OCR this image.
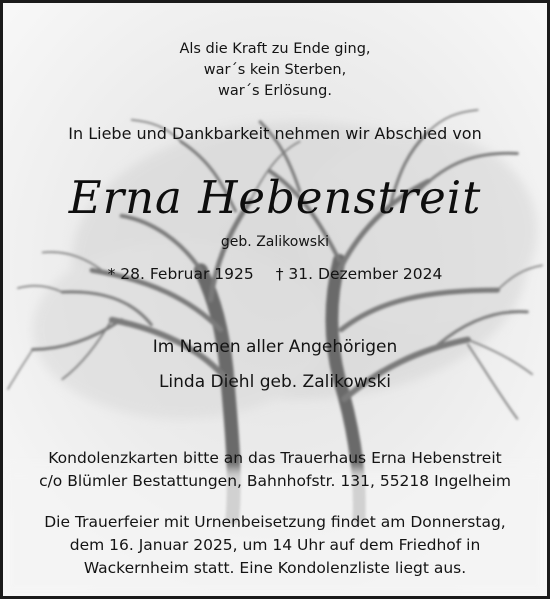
Als die Kraft zu Ende ging,
war´s kein Sterben,
war´s Erlösung.
In Liebe und Dankbarkeit nehmen wir Abschied von
Erna Hebenstreit
geb. Zalikowski
* 28. Februar 1925 † 31. Dezember 2024
Im Namen aller Angehörigen
Linda Diehl geb. Zalikowski
Kondolenzkarten bitte an das Trauerhaus Erna Hebenstreit
c/o Blümler Bestattungen, Bahnhofstr. 131, 55218 Ingelheim
Die Trauerfeier mit Urnenbeisetzung findet am Donnerstag,
dem 16. Januar 2025, um 14 Uhr auf dem Friedhof in
Wackernheim statt. Eine Kondolenzliste liegt aus.
